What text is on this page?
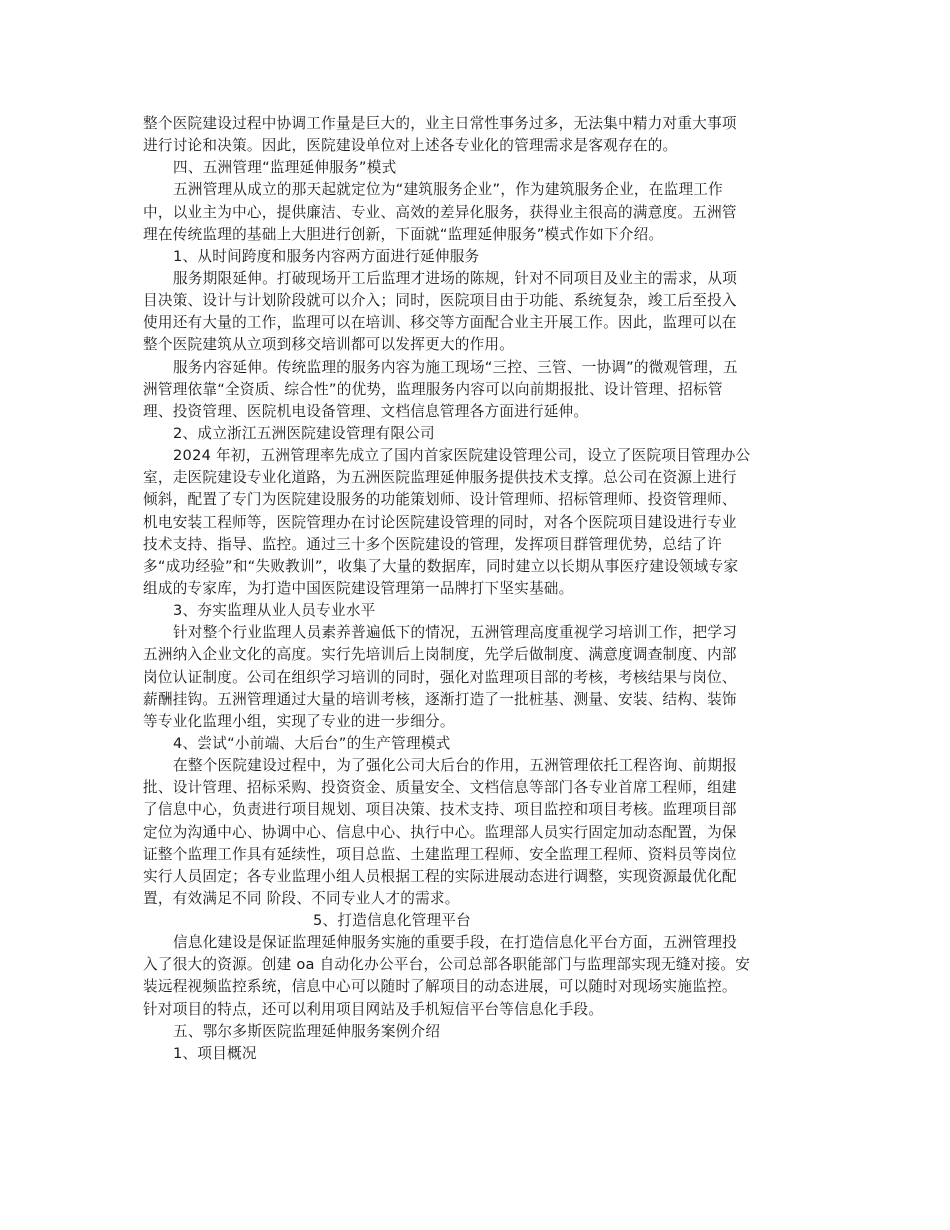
整个医院建设过程中协调工作量是巨大的，业主日常性事务过多，无法集中精力对重大事项
进行讨论和决策。因此，医院建设单位对上述各专业化的管理需求是客观存在的。
四、五洲管理“监理延伸服务”模式
五洲管理从成立的那天起就定位为“建筑服务企业”，作为建筑服务企业，在监理工作
中，以业主为中心，提供廉洁、专业、高效的差异化服务，获得业主很高的满意度。五洲管
理在传统监理的基础上大胆进行创新，下面就“监理延伸服务”模式作如下介绍。
1、从时间跨度和服务内容两方面进行延伸服务
服务期限延伸。打破现场开工后监理才进场的陈规，针对不同项目及业主的需求，从项
目决策、设计与计划阶段就可以介入；同时，医院项目由于功能、系统复杂，竣工后至投入
使用还有大量的工作，监理可以在培训、移交等方面配合业主开展工作。因此，监理可以在
整个医院建筑从立项到移交培训都可以发挥更大的作用。
服务内容延伸。传统监理的服务内容为施工现场“三控、三管、一协调”的微观管理，五
洲管理依靠“全资质、综合性”的优势，监理服务内容可以向前期报批、设计管理、招标管
理、投资管理、医院机电设备管理、文档信息管理各方面进行延伸。
2、成立浙江五洲医院建设管理有限公司
2024 年初，五洲管理率先成立了国内首家医院建设管理公司，设立了医院项目管理办公
室，走医院建设专业化道路，为五洲医院监理延伸服务提供技术支撑。总公司在资源上进行
倾斜，配置了专门为医院建设服务的功能策划师、设计管理师、招标管理师、投资管理师、
机电安装工程师等，医院管理办在讨论医院建设管理的同时，对各个医院项目建设进行专业
技术支持、指导、监控。通过三十多个医院建设的管理，发挥项目群管理优势，总结了许
多“成功经验”和“失败教训”，收集了大量的数据库，同时建立以长期从事医疗建设领域专家
组成的专家库，为打造中国医院建设管理第一品牌打下坚实基础。
3、夯实监理从业人员专业水平
针对整个行业监理人员素养普遍低下的情况，五洲管理高度重视学习培训工作，把学习
五洲纳入企业文化的高度。实行先培训后上岗制度，先学后做制度、满意度调查制度、内部
岗位认证制度。公司在组织学习培训的同时，强化对监理项目部的考核，考核结果与岗位、
薪酬挂钩。五洲管理通过大量的培训考核，逐渐打造了一批桩基、测量、安装、结构、装饰
等专业化监理小组，实现了专业的进一步细分。
4、尝试“小前端、大后台”的生产管理模式
在整个医院建设过程中，为了强化公司大后台的作用，五洲管理依托工程咨询、前期报
批、设计管理、招标采购、投资资金、质量安全、文档信息等部门各专业首席工程师，组建
了信息中心，负责进行项目规划、项目决策、技术支持、项目监控和项目考核。监理项目部
定位为沟通中心、协调中心、信息中心、执行中心。监理部人员实行固定加动态配置，为保
证整个监理工作具有延续性，项目总监、土建监理工程师、安全监理工程师、资料员等岗位
实行人员固定；各专业监理小组人员根据工程的实际进展动态进行调整，实现资源最优化配
置，有效满足不同 阶段、不同专业人才的需求。
5、打造信息化管理平台
信息化建设是保证监理延伸服务实施的重要手段，在打造信息化平台方面，五洲管理投
入了很大的资源。创建 oa 自动化办公平台，公司总部各职能部门与监理部实现无缝对接。安
装远程视频监控系统，信息中心可以随时了解项目的动态进展，可以随时对现场实施监控。
针对项目的特点，还可以利用项目网站及手机短信平台等信息化手段。
五、鄂尔多斯医院监理延伸服务案例介绍
1、项目概况
